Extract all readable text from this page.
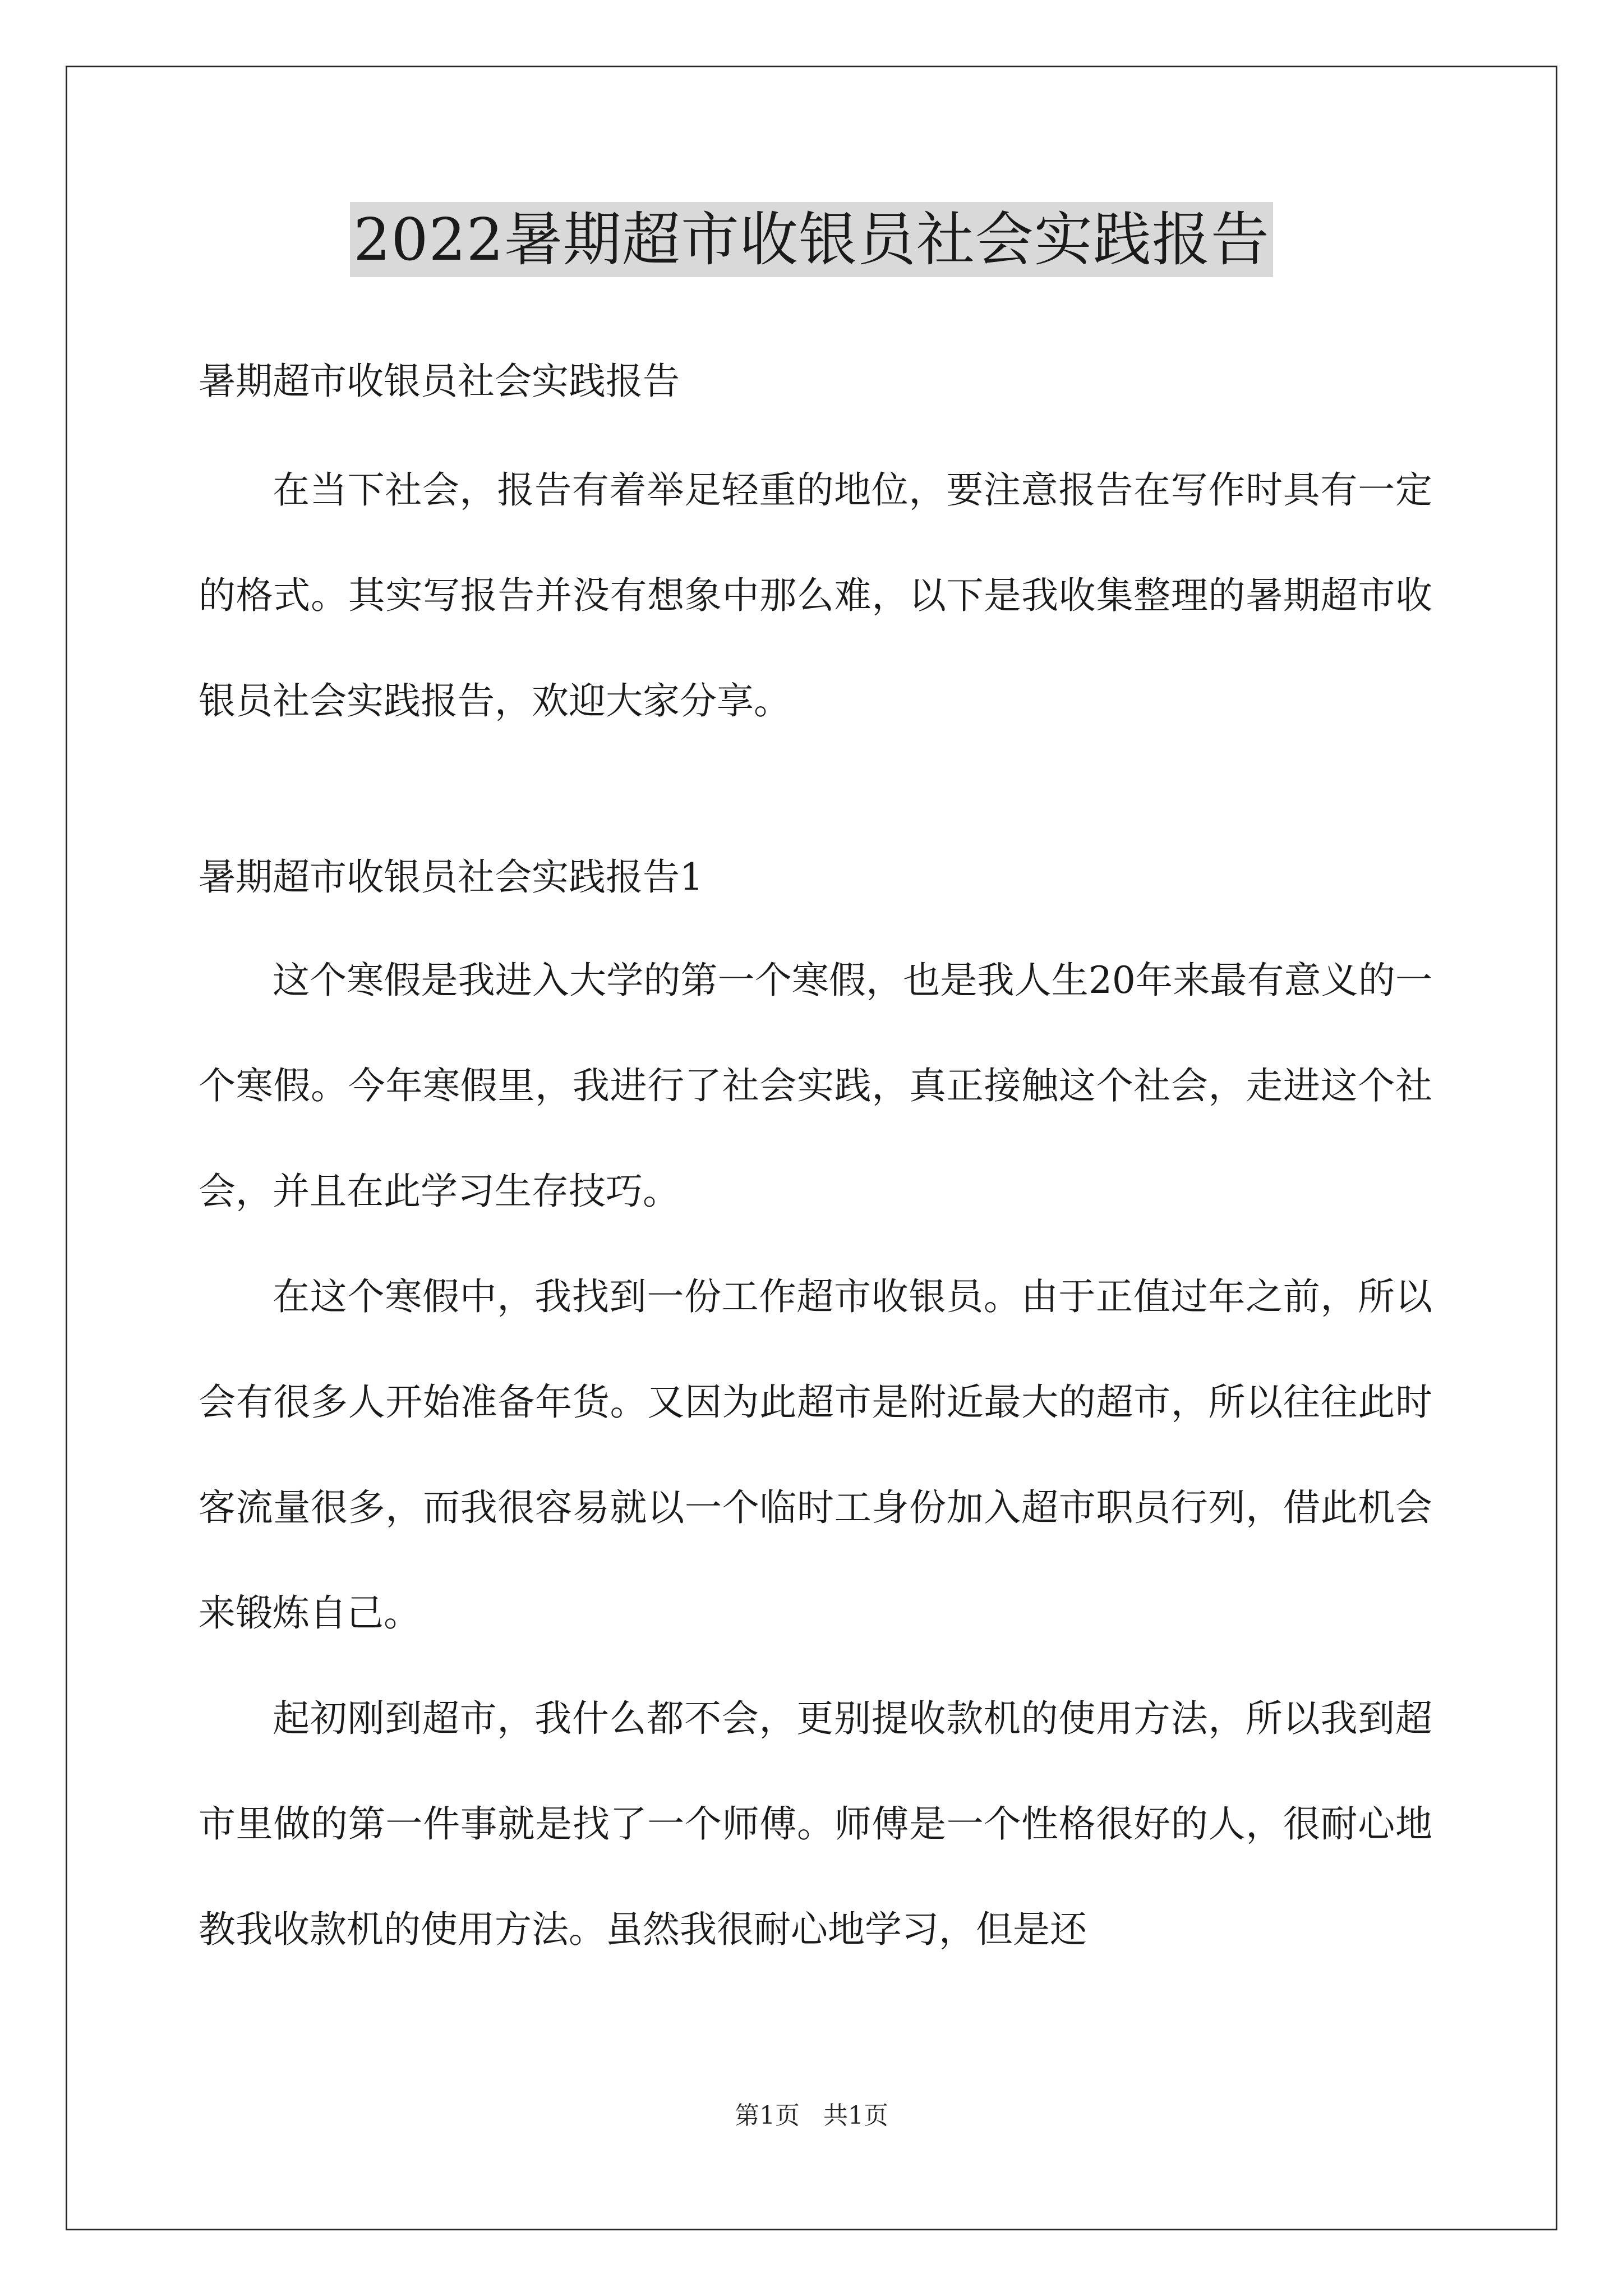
2022暑期超市收银员社会实践报告

暑期超市收银员社会实践报告

在当下社会，报告有着举足轻重的地位，要注意报告在写作时具有一定的格式。其实写报告并没有想象中那么难，以下是我收集整理的暑期超市收银员社会实践报告，欢迎大家分享。

暑期超市收银员社会实践报告1

这个寒假是我进入大学的第一个寒假，也是我人生20年来最有意义的一个寒假。今年寒假里，我进行了社会实践，真正接触这个社会，走进这个社会，并且在此学习生存技巧。

在这个寒假中，我找到一份工作超市收银员。由于正值过年之前，所以会有很多人开始准备年货。又因为此超市是附近最大的超市，所以往往此时客流量很多，而我很容易就以一个临时工身份加入超市职员行列，借此机会来锻炼自己。

起初刚到超市，我什么都不会，更别提收款机的使用方法，所以我到超市里做的第一件事就是找了一个师傅。师傅是一个性格很好的人，很耐心地教我收款机的使用方法。虽然我很耐心地学习，但是还

第1页   共1页
